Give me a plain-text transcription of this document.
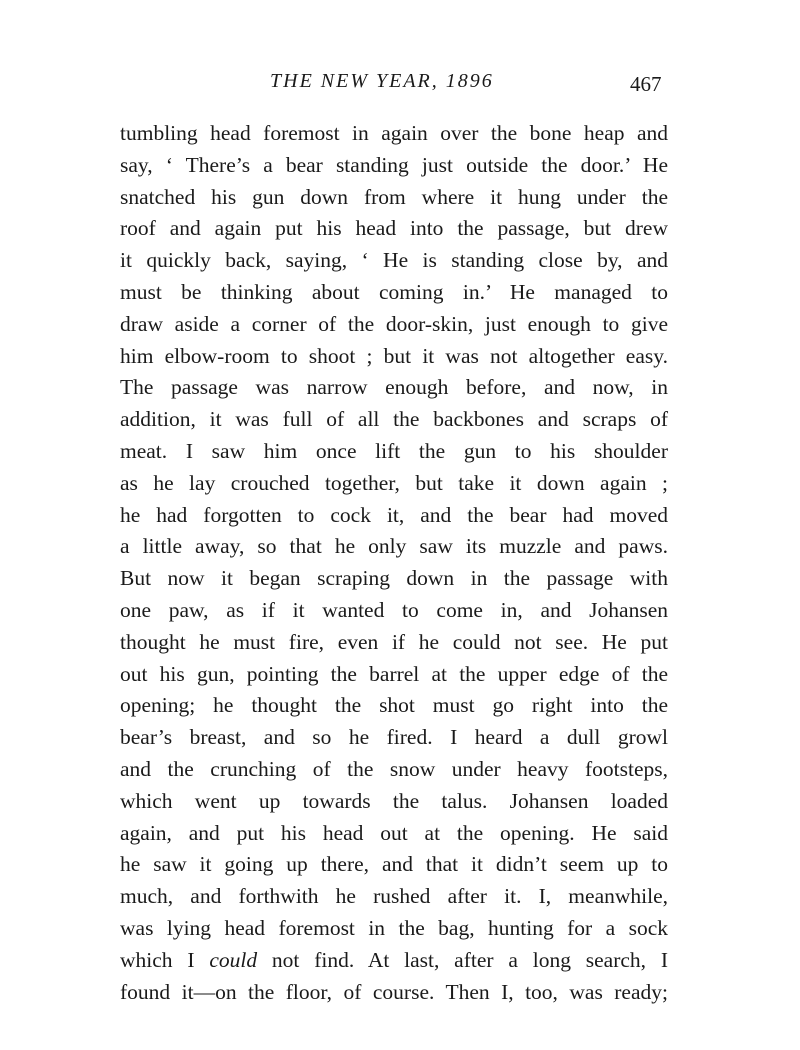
THE NEW YEAR, 1896	467
tumbling head foremost in again over the bone heap and
say, ‘ There’s a bear standing just outside the door.’ He
snatched his gun down from where it hung under the
roof and again put his head into the passage, but drew
it quickly back, saying, ‘ He is standing close by, and
must be thinking about coming in.’ He managed to
draw aside a corner of the door-skin, just enough to give
him elbow-room to shoot ; but it was not altogether easy.
The passage was narrow enough before, and now, in
addition, it was full of all the backbones and scraps of
meat. I saw him once lift the gun to his shoulder
as he lay crouched together, but take it down again ;
he had forgotten to cock it, and the bear had moved
a little away, so that he only saw its muzzle and paws.
But now it began scraping down in the passage with
one paw, as if it wanted to come in, and Johansen
thought he must fire, even if he could not see. He put
out his gun, pointing the barrel at the upper edge of the
opening; he thought the shot must go right into the
bear’s breast, and so he fired. I heard a dull growl
and the crunching of the snow under heavy footsteps,
which went up towards the talus. Johansen loaded
again, and put his head out at the opening. He said
he saw it going up there, and that it didn’t seem up to
much, and forthwith he rushed after it. I, meanwhile,
was lying head foremost in the bag, hunting for a sock
which I could not find. At last, after a long search, I
found it—on the floor, of course. Then I, too, was ready;
